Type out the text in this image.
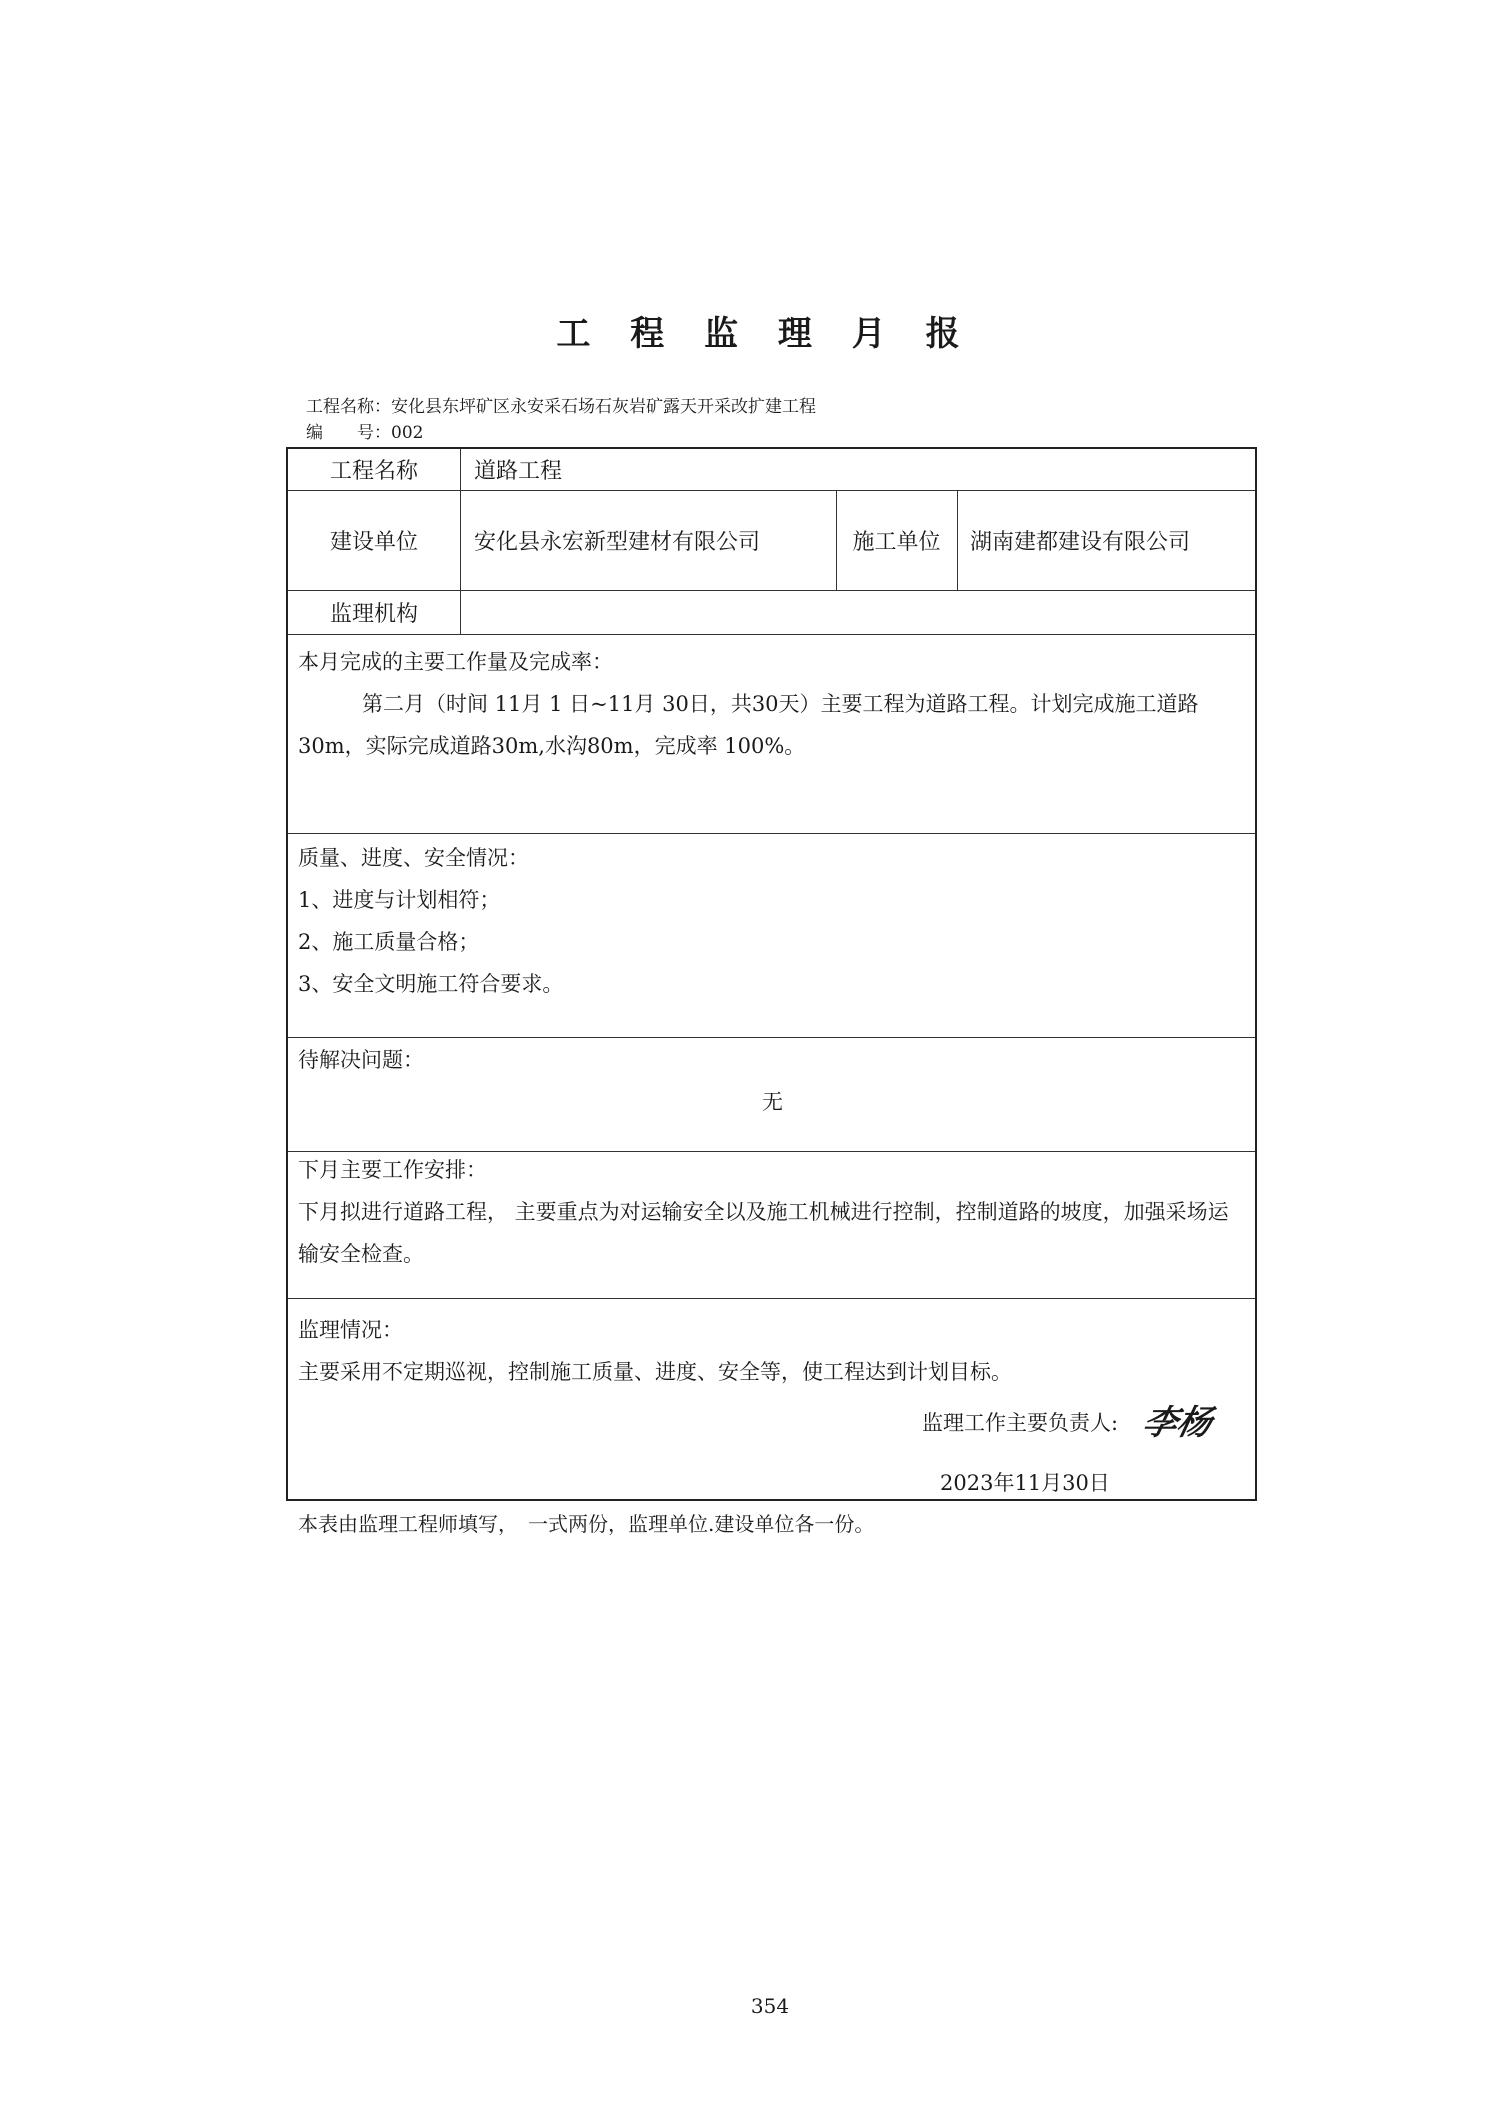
工 程 监 理 月 报
工程名称：安化县东坪矿区永安采石场石灰岩矿露天开采改扩建工程
编　　号：002
工程名称	道路工程
建设单位	安化县永宏新型建材有限公司	施工单位	湖南建都建设有限公司
监理机构

本月完成的主要工作量及完成率：

第二月（时间 11月 1 日~11月 30日，共30天）主要工程为道路工程。计划完成施工道路30m，实际完成道路30m,水沟80m，完成率 100%。

质量、进度、安全情况：

1、进度与计划相符；

2、施工质量合格；

3、安全文明施工符合要求。

待解决问题：

无

下月主要工作安排：

下月拟进行道路工程， 主要重点为对运输安全以及施工机械进行控制，控制道路的坡度，加强采场运输安全检查。

监理情况：

主要采用不定期巡视，控制施工质量、进度、安全等，使工程达到计划目标。

监理工作主要负责人: 李杨
2023年11月30日
本表由监理工程师填写，　一式两份，监理单位.建设单位各一份。
354
